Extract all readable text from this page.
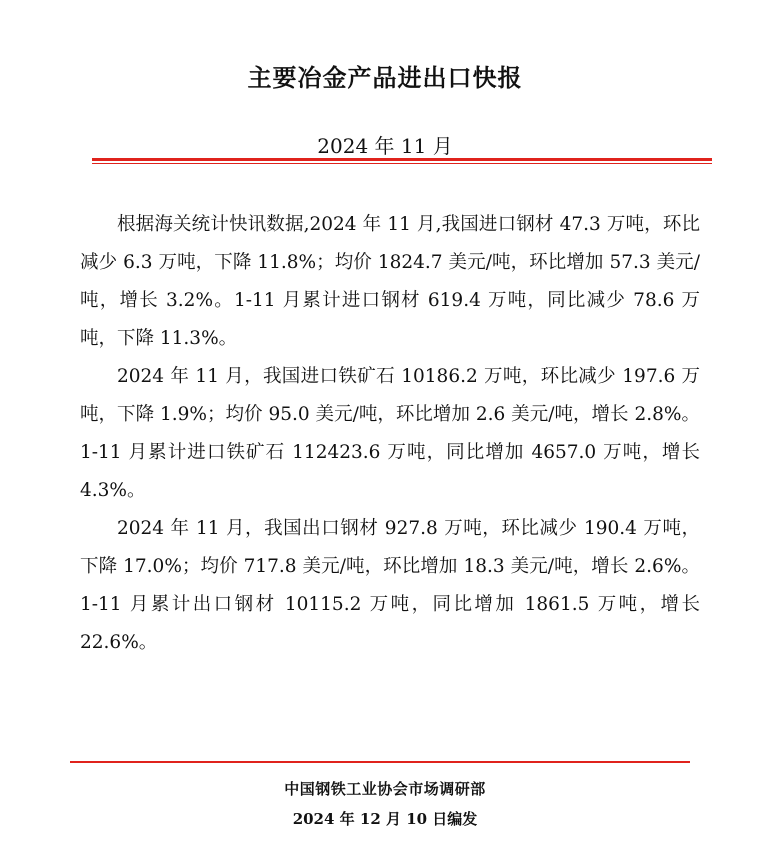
主要冶金产品进出口快报
2024 年 11 月

根据海关统计快讯数据,2024 年 11 月,我国进口钢材 47.3 万吨，环比减少 6.3 万吨，下降 11.8%；均价 1824.7 美元/吨，环比增加 57.3 美元/吨，增长 3.2%。1-11 月累计进口钢材 619.4 万吨，同比减少 78.6 万吨，下降 11.3%。

2024 年 11 月，我国进口铁矿石 10186.2 万吨，环比减少 197.6 万吨，下降 1.9%；均价 95.0 美元/吨，环比增加 2.6 美元/吨，增长 2.8%。1-11 月累计进口铁矿石 112423.6 万吨，同比增加 4657.0 万吨，增长 4.3%。

2024 年 11 月，我国出口钢材 927.8 万吨，环比减少 190.4 万吨，下降 17.0%；均价 717.8 美元/吨，环比增加 18.3 美元/吨，增长 2.6%。1-11 月累计出口钢材 10115.2 万吨，同比增加 1861.5 万吨，增长 22.6%。

中国钢铁工业协会市场调研部
2024 年 12 月 10 日编发
